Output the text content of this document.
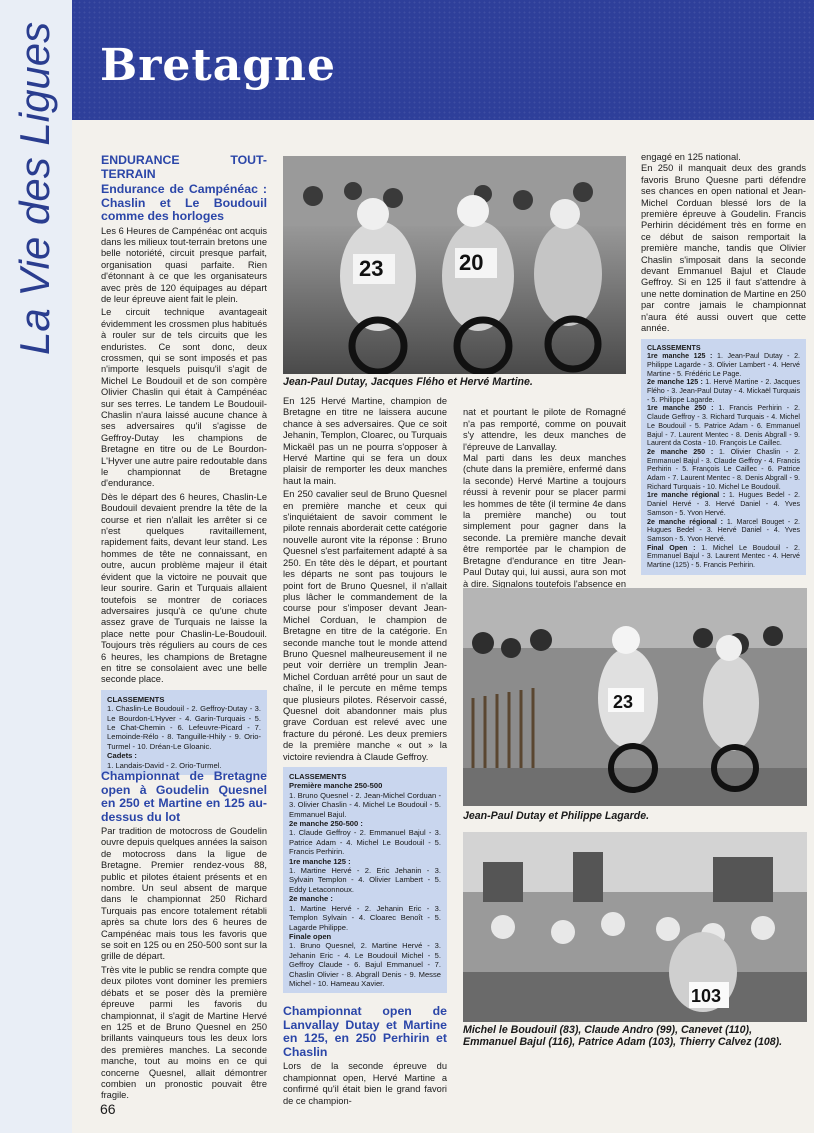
La Vie des Ligues Bretagne

ENDURANCE TOUT-TERRAIN

Endurance de Campénéac : Chaslin et Le Boudouil comme des horloges

Les 6 Heures de Campénéac ont acquis dans les milieux tout-terrain bretons une belle notoriété, circuit presque parfait, organisation quasi parfaite. Rien d'étonnant à ce que les organisateurs avec près de 120 équipages au départ de leur épreuve aient fait le plein.

Le circuit technique avantageait évidemment les crossmen plus habitués à rouler sur de tels circuits que les enduristes. Ce sont donc, deux crossmen, qui se sont imposés et pas n'importe lesquels puisqu'il s'agit de Michel Le Boudouil et de son compère Olivier Chaslin qui était à Campénéac sur ses terres. Le tandem Le Boudouil-Chaslin n'aura laissé aucune chance à ses adversaires qu'il s'agisse de Geffroy-Dutay les champions de Bretagne en titre ou de Le Bourdon-L'Hyver une autre paire redoutable dans le championnat de Bretagne d'endurance.

Dès le départ des 6 heures, Chaslin-Le Boudouil devaient prendre la tête de la course et rien n'allait les arrêter si ce n'est quelques ravitaillement, rapidement faits, devant leur stand. Les hommes de tête ne connaissant, en outre, aucun problème majeur il était évident que la victoire ne pouvait que leur sourire. Garin et Turquais allaient toutefois se montrer de coriaces adversaires jusqu'à ce qu'une chute assez grave de Turquais ne laisse la place nette pour Chaslin-Le-Boudouil. Toujours très réguliers au cours de ces 6 heures, les champions de Bretagne en titre se consolaient avec une belle seconde place.

CLASSEMENTS

1. Chaslin-Le Boudouil - 2. Geffroy-Dutay - 3. Le Bourdon-L'Hyver - 4. Garin-Turquais - 5. Le Chat-Chemin - 6. Lefeuvre-Picard - 7. Lemoinde-Rélo - 8. Tanguille-Hhily - 9. Orio-Turmel - 10. Dréan-Le Gloanic.

Cadets :

1. Landais-David - 2. Orio-Turmel.

Championnat de Bretagne open à Goudelin Quesnel en 250 et Martine en 125 au-dessus du lot

Par tradition de motocross de Goudelin ouvre depuis quelques années la saison de motocross dans la ligue de Bretagne. Premier rendez-vous 88, public et pilotes étaient présents et en nombre. Un seul absent de marque dans le championnat 250 Richard Turquais pas encore totalement rétabli après sa chute lors des 6 heures de Campénéac mais tous les favoris que se soit en 125 ou en 250-500 sont sur la grille de départ.

Très vite le public se rendra compte que deux pilotes vont dominer les premiers débats et se poser dès la première épreuve parmi les favoris du championnat, il s'agit de Martine Hervé en 125 et de Bruno Quesnel en 250 brillants vainqueurs tous les deux lors des premières manches. La seconde manche, tout au moins en ce qui concerne Quesnel, allait démontrer combien un pronostic pouvait être fragile.

23	20
Jean-Paul Dutay, Jacques Flého et Hervé Martine.

En 125 Hervé Martine, champion de Bretagne en titre ne laissera aucune chance à ses adversaires. Que ce soit Jehanin, Templon, Cloarec, ou Turquais Mickaël pas un ne pourra s'opposer à Hervé Martine qui se fera un doux plaisir de remporter les deux manches haut la main.

En 250 cavalier seul de Bruno Quesnel en première manche et ceux qui s'inquiétaient de savoir comment le pilote rennais aborderait cette catégorie nouvelle auront vite la réponse : Bruno Quesnel s'est parfaitement adapté à sa 250. En tête dès le départ, et pourtant les départs ne sont pas toujours le point fort de Bruno Quesnel, il n'allait plus lâcher le commandement de la course pour s'imposer devant Jean-Michel Corduan, le champion de Bretagne en titre de la catégorie. En seconde manche tout le monde attend Bruno Quesnel malheureusement il ne peut voir derrière un tremplin Jean-Michel Corduan arrêté pour un saut de chaîne, il le percute en même temps que plusieurs pilotes. Réservoir cassé, Quesnel doit abandonner mais plus grave Corduan est relevé avec une fracture du péroné. Les deux premiers de la première manche « out » la victoire reviendra à Claude Geffroy.

CLASSEMENTS

Première manche 250-500

1. Bruno Quesnel - 2. Jean-Michel Corduan - 3. Olivier Chaslin - 4. Michel Le Boudouil - 5. Emmanuel Bajul.

2e manche 250-500 :

1. Claude Geffroy - 2. Emmanuel Bajul - 3. Patrice Adam - 4. Michel Le Boudouil - 5. Francis Perhirin.

1re manche 125 :

1. Martine Hervé - 2. Eric Jehanin - 3. Sylvain Templon - 4. Olivier Lambert - 5. Eddy Letaconnoux.

2e manche :

1. Martine Hervé - 2. Jehanin Eric - 3. Templon Sylvain - 4. Cloarec Benoît - 5. Lagarde Philippe.

Finale open

1. Bruno Quesnel, 2. Martine Hervé - 3. Jehanin Eric - 4. Le Boudouil Michel - 5. Geffroy Claude - 6. Bajul Emmanuel - 7. Chaslin Olivier - 8. Abgrall Denis - 9. Messe Michel - 10. Hameau Xavier.

Championnat open de Lanvallay Dutay et Martine en 125, en 250 Perhirin et Chaslin

Lors de la seconde épreuve du championnat open, Hervé Martine a confirmé qu'il était bien le grand favori de ce champion-

nat et pourtant le pilote de Romagné n'a pas remporté, comme on pouvait s'y attendre, les deux manches de l'épreuve de Lanvallay.
Mal parti dans les deux manches (chute dans la première, enfermé dans la seconde) Hervé Martine a toujours réussi à revenir pour se placer parmi les hommes de tête (il termine 4e dans la première manche) ou tout simplement pour gagner dans la seconde. La première manche devait être remportée par le champion de Bretagne d'endurance en titre Jean-Paul Dutay qui, lui aussi, aura son mot à dire. Signalons toutefois l'absence en

engagé en 125 national.
En 250 il manquait deux des grands favoris Bruno Quesne parti défendre ses chances en open national et Jean-Michel Corduan blessé lors de la première épreuve à Goudelin. Francis Perhirin décidément très en forme en ce début de saison remportait la première manche, tandis que Olivier Chaslin s'imposait dans la seconde devant Emmanuel Bajul et Claude Geffroy. Si en 125 il faut s'attendre à une nette domination de Martine en 250 par contre jamais le championnat n'aura été aussi ouvert que cette année.

CLASSEMENTS

1re manche 125 : 1. Jean-Paul Dutay - 2. Philippe Lagarde - 3. Olivier Lambert - 4. Hervé Martine - 5. Frédéric Le Page.

2e manche 125 : 1. Hervé Martine - 2. Jacques Flého - 3. Jean-Paul Dutay - 4. Mickaël Turquais - 5. Philippe Lagarde.

1re manche 250 : 1. Francis Perhirin - 2. Claude Geffroy - 3. Richard Turquais - 4. Michel Le Boudouil - 5. Patrice Adam - 6. Emmanuel Bajul - 7. Laurent Mentec - 8. Denis Abgrall - 9. Laurent da Costa - 10. François Le Caillec.

2e manche 250 : 1. Olivier Chaslin - 2. Emmanuel Bajul - 3. Claude Geffroy - 4. Francis Perhirin - 5. François Le Caillec - 6. Patrice Adam - 7. Laurent Mentec - 8. Denis Abgrall - 9. Richard Turquais - 10. Michel Le Boudouil.

1re manche régional : 1. Hugues Bedel - 2. Daniel Hervé - 3. Hervé Daniel - 4. Yves Samson - 5. Yvon Hervé.

2e manche régional : 1. Marcel Bouget - 2. Hugues Bedel - 3. Hervé Daniel - 4. Yves Samson - 5. Yvon Hervé.

Final Open : 1. Michel Le Boudouil - 2. Emmanuel Bajul - 3. Laurent Mentec - 4. Hervé Martine (125) - 5. Francis Perhirin.

23
Jean-Paul Dutay et Philippe Lagarde.
103
Michel le Boudouil (83), Claude Andro (99), Canevet (110), Emmanuel Bajul (116), Patrice Adam (103), Thierry Calvez (108).
66
